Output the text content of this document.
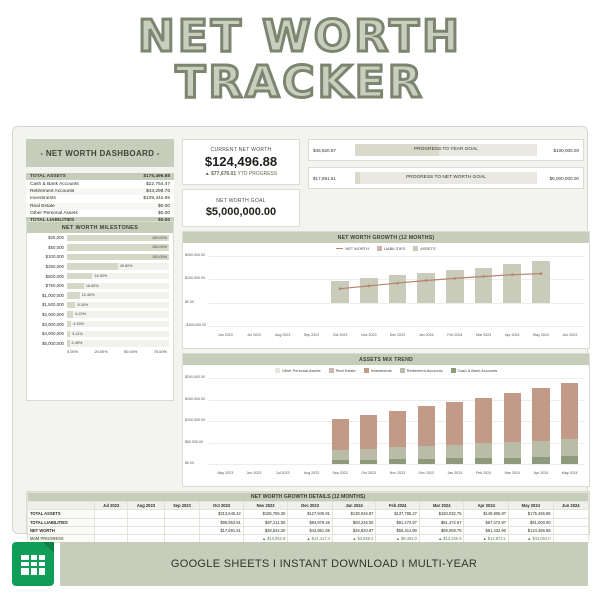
NET WORTH
TRACKER
- NET WORTH DASHBOARD -	CURRENT NET WORTH
$124,496.88
▲ $77,676.01 YTD PROGRESS
NET WORTH GOAL
$5,000,000.00
$46,820.87	PROGRESS TO YEAR GOAL	$100,000.00
$17,891.51	PROGRESS TO NET WORTH GOAL	$5,000,000.00
TOTAL ASSETS	$175,496.88
Cash & Bank Accounts	$22,754.47
Retirement Accounts	$43,299.76
Investments	$109,442.65
Real Estate	$0.00
Other Personal Assets	$0.00
NET WORTH MILESTONES
$25,000	100.00%
$50,000	100.00%
$100,000	100.00%
$250,000	49.80%
$500,000	24.90%
$750,000	16.60%
$1,000,000	12.45%
$1,500,000	8.30%
$2,000,000	6.22%
$3,000,000	4.15%
$4,000,000	3.11%
$5,000,000	2.49%
0.00%	20.00%	50.00%	75.00%
NET WORTH GROWTH (12 MONTHS)
NET WORTH	LIABILITIES	ASSETS
$200,000.00
$100,000.00
$0.00
-$100,000.00
Jun 2023	Jul 2023	Aug 2023	Sep 2023	Oct 2023	Nov 2023	Dec 2023	Jan 2024	Feb 2024	Mar 2024	Apr 2024	May 2024	Jun 2024
ASSETS MIX TREND
Other Personal Assets	Real Estate	Investments	Retirement Accounts	Cash & Bank Accounts
$200,000.00
$150,000.00
$100,000.00
$50,000.00
$0.00
May 2023	Jun 2023	Jul 2023	Aug 2023	Sep 2023	Oct 2023	Nov 2023	Dec 2023	Jan 2024	Feb 2024	Mar 2024	Apr 2024	May 2024
NET WORTH GROWTH DETAILS (12 MONTHS)												
	Jul 2023	Aug 2023	Sep 2023	Oct 2023	Nov 2023	Dec 2023	Jan 2024	Feb 2024	Mar 2024	Apr 2024	May 2024	Jun 2024
TOTAL ASSETS				$313,645.42	$105,755.35	$127,940.91	$130,046.87	$137,785.27	$150,032.75	$148,905.87	$175,496.88	
TOTAL LIABILITIES				$95,953.91	$87,211.05	$84,979.26	$83,226.00	$81,472.97	$81,472.97	$67,472.97	$51,000.00	
NET WORTH				$17,691.51	$28,544.30	$42,961.65	$46,820.87	$56,312.90	$68,559.78	$81,432.90	$124,496.88	
MoM PROGRESS					▲ $10,852.8	▲ $14,417.4	▲ $3,859.2	▲ $9,492.0	▲ $12,246.9	▲ $12,873.1	▲ $43,064.0	
GOOGLE SHEETS I INSTANT DOWNLOAD I MULTI-YEAR
